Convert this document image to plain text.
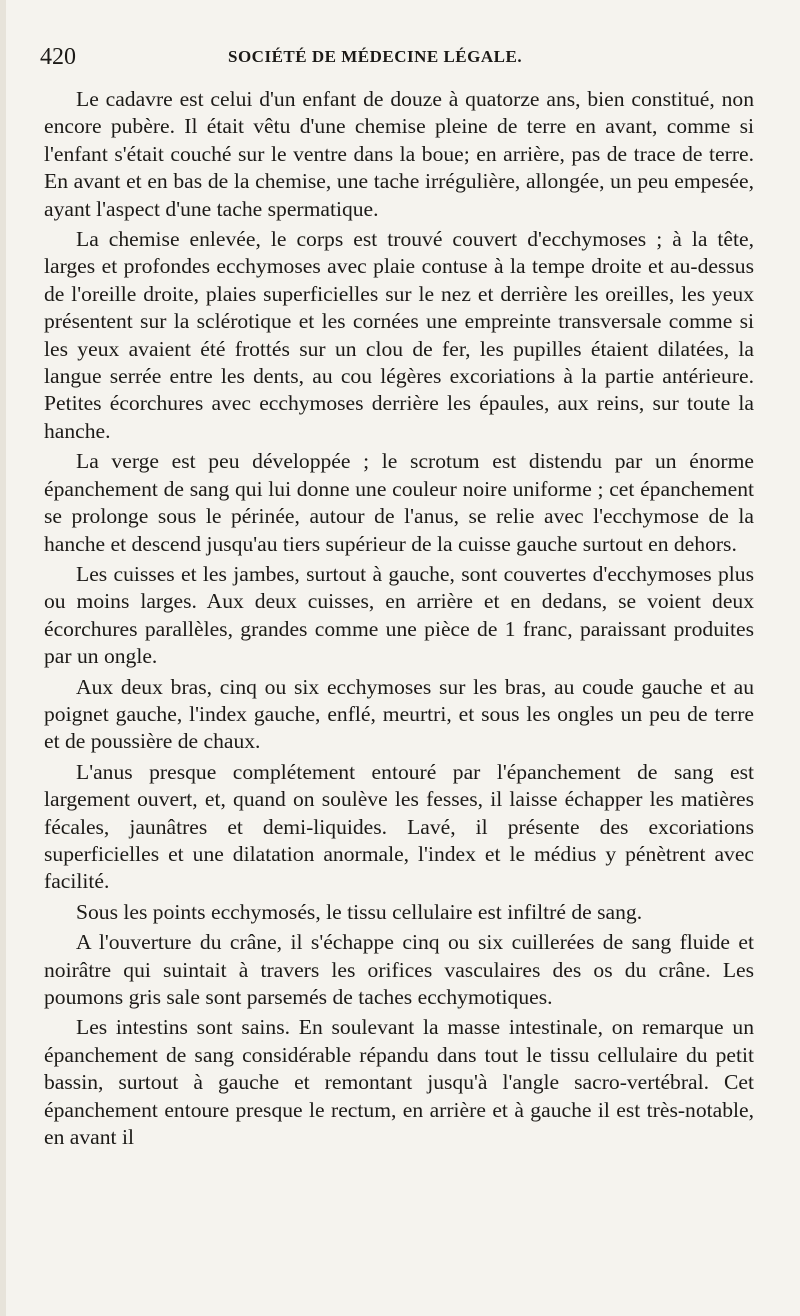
420	SOCIÉTÉ DE MÉDECINE LÉGALE.

Le cadavre est celui d'un enfant de douze à quatorze ans, bien constitué, non encore pubère. Il était vêtu d'une chemise pleine de terre en avant, comme si l'enfant s'était couché sur le ventre dans la boue; en arrière, pas de trace de terre. En avant et en bas de la chemise, une tache irrégulière, allongée, un peu empesée, ayant l'aspect d'une tache spermatique.

La chemise enlevée, le corps est trouvé couvert d'ecchymoses ; à la tête, larges et profondes ecchymoses avec plaie contuse à la tempe droite et au-dessus de l'oreille droite, plaies superficielles sur le nez et derrière les oreilles, les yeux présentent sur la sclérotique et les cornées une empreinte transversale comme si les yeux avaient été frottés sur un clou de fer, les pupilles étaient dilatées, la langue serrée entre les dents, au cou légères excoriations à la partie antérieure. Petites écorchures avec ecchymoses derrière les épaules, aux reins, sur toute la hanche.

La verge est peu développée ; le scrotum est distendu par un énorme épanchement de sang qui lui donne une couleur noire uniforme ; cet épanchement se prolonge sous le périnée, autour de l'anus, se relie avec l'ecchymose de la hanche et descend jusqu'au tiers supérieur de la cuisse gauche surtout en dehors.

Les cuisses et les jambes, surtout à gauche, sont couvertes d'ecchymoses plus ou moins larges. Aux deux cuisses, en arrière et en dedans, se voient deux écorchures parallèles, grandes comme une pièce de 1 franc, paraissant produites par un ongle.

Aux deux bras, cinq ou six ecchymoses sur les bras, au coude gauche et au poignet gauche, l'index gauche, enflé, meurtri, et sous les ongles un peu de terre et de poussière de chaux.

L'anus presque complétement entouré par l'épanchement de sang est largement ouvert, et, quand on soulève les fesses, il laisse échapper les matières fécales, jaunâtres et demi-liquides. Lavé, il présente des excoriations superficielles et une dilatation anormale, l'index et le médius y pénètrent avec facilité.

Sous les points ecchymosés, le tissu cellulaire est infiltré de sang.

A l'ouverture du crâne, il s'échappe cinq ou six cuillerées de sang fluide et noirâtre qui suintait à travers les orifices vasculaires des os du crâne. Les poumons gris sale sont parsemés de taches ecchymotiques.

Les intestins sont sains. En soulevant la masse intestinale, on remarque un épanchement de sang considérable répandu dans tout le tissu cellulaire du petit bassin, surtout à gauche et remontant jusqu'à l'angle sacro-vertébral. Cet épanchement entoure presque le rectum, en arrière et à gauche il est très-notable, en avant il
